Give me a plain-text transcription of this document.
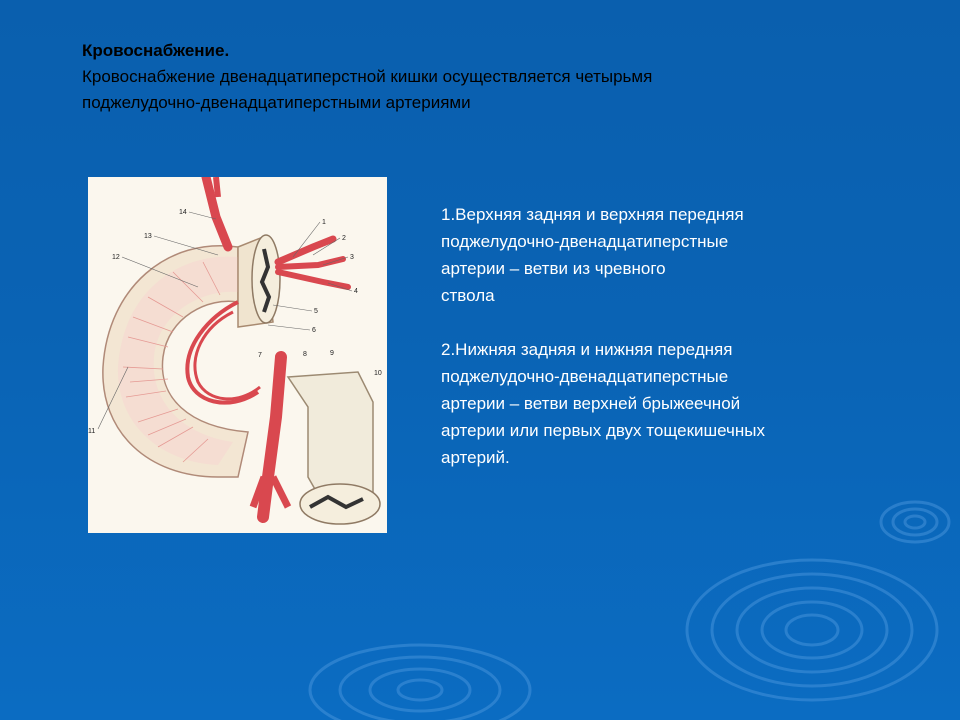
Кровоснабжение.
Кровоснабжение двенадцатиперстной кишки осуществляется четырьмя
поджелудочно-двенадцатиперстными артериями
14
1
2
3
4
5
6
7	8	9
10
11
12
13

1.Верхняя задняя и верхняя передняя

поджелудочно-двенадцатиперстные

артерии – ветви из чревного

ствола

2.Нижняя задняя и нижняя передняя

поджелудочно-двенадцатиперстные

артерии – ветви верхней брыжеечной

артерии или первых двух тощекишечных

артерий.
